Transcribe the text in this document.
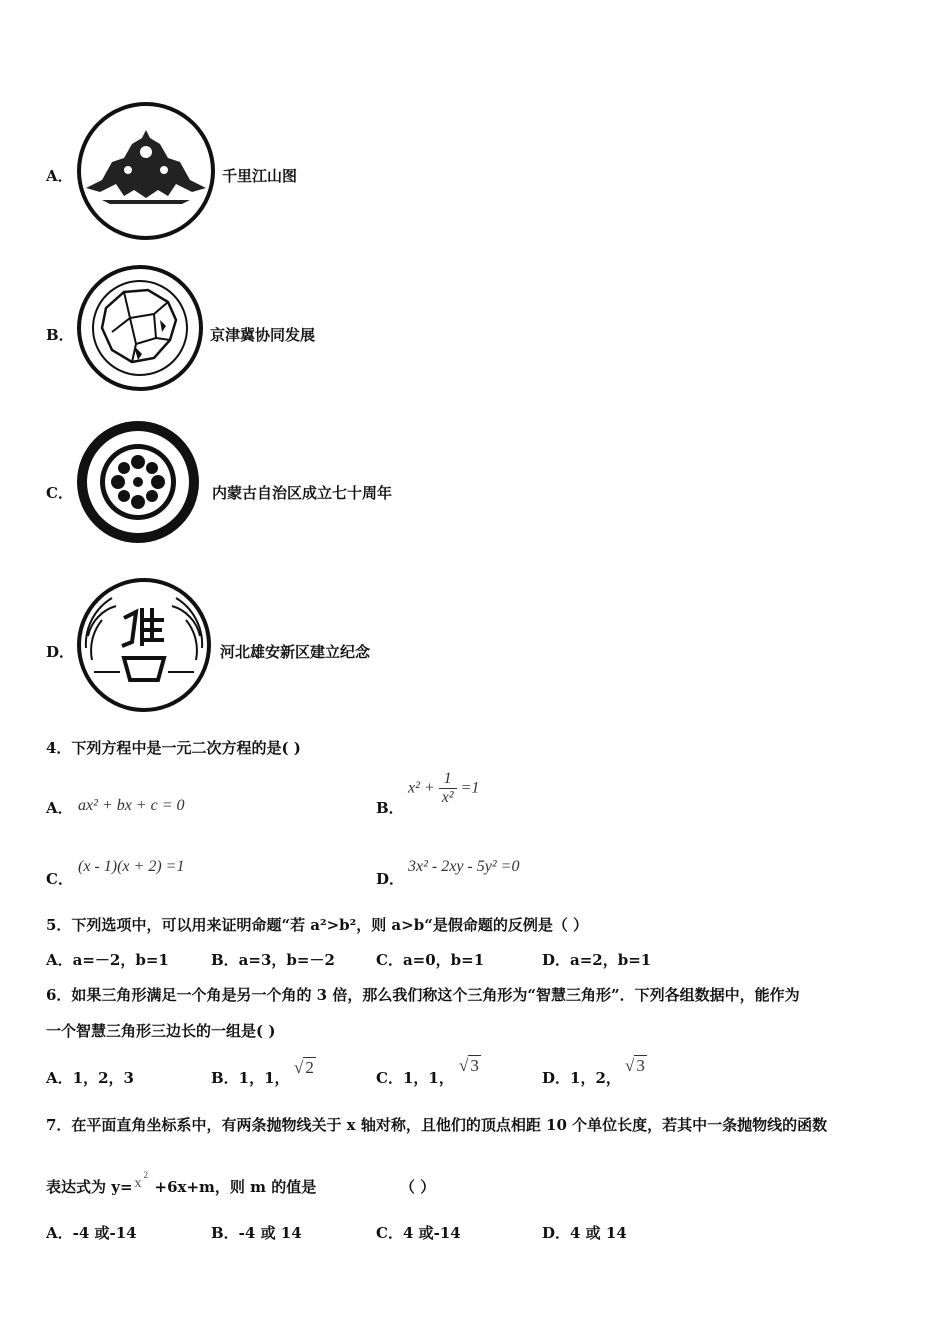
A．	千里江山图
B．	京津冀协同发展
C．	内蒙古自治区成立七十周年
D．	河北雄安新区建立纪念
4．下列方程中是一元二次方程的是( )
A． ax² + bx + c = 0	B．
$x^2 + \frac{1}{\text{x²}} =1$
C．
(x - 1)(x + 2) =1
D．
3x² - 2xy - 5y² =0
5．下列选项中，可以用来证明命题“若 a²>b²，则 a>b“是假命题的反例是（ ）
A．a=－2，b=1	B．a=3，b=－2	C．a=0，b=1	D．a=2，b=1
6．如果三角形满足一个角是另一个角的 3 倍，那么我们称这个三角形为“智慧三角形”．下列各组数据中，能作为
一个智慧三角形三边长的一组是( )
A．1，2，3	B．1，1，
√ 2
C．1，1，
√ 3
D．1，2，
√ 3
7．在平面直角坐标系中，有两条抛物线关于 x 轴对称，且他们的顶点相距 10 个单位长度，若其中一条抛物线的函数
表达式为 y= x
2
+6x+m，则 m 的值是	（ ）
A．-4 或-14	B．-4 或 14	C．4 或-14	D．4 或 14
